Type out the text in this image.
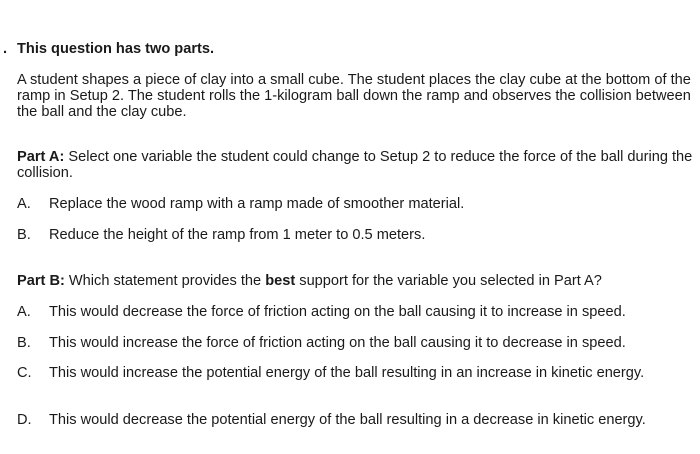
. This question has two parts.
A student shapes a piece of clay into a small cube. The student places the clay cube at the bottom of the ramp in Setup 2. The student rolls the 1-kilogram ball down the ramp and observes the collision between the ball and the clay cube.
Part A: Select one variable the student could change to Setup 2 to reduce the force of the ball during the collision.
A.	Replace the wood ramp with a ramp made of smoother material.
B.	Reduce the height of the ramp from 1 meter to 0.5 meters.
Part B: Which statement provides the best support for the variable you selected in Part A?
A.	This would decrease the force of friction acting on the ball causing it to increase in speed.
B.	This would increase the force of friction acting on the ball causing it to decrease in speed.
C.	This would increase the potential energy of the ball resulting in an increase in kinetic energy.
D.	This would decrease the potential energy of the ball resulting in a decrease in kinetic energy.
